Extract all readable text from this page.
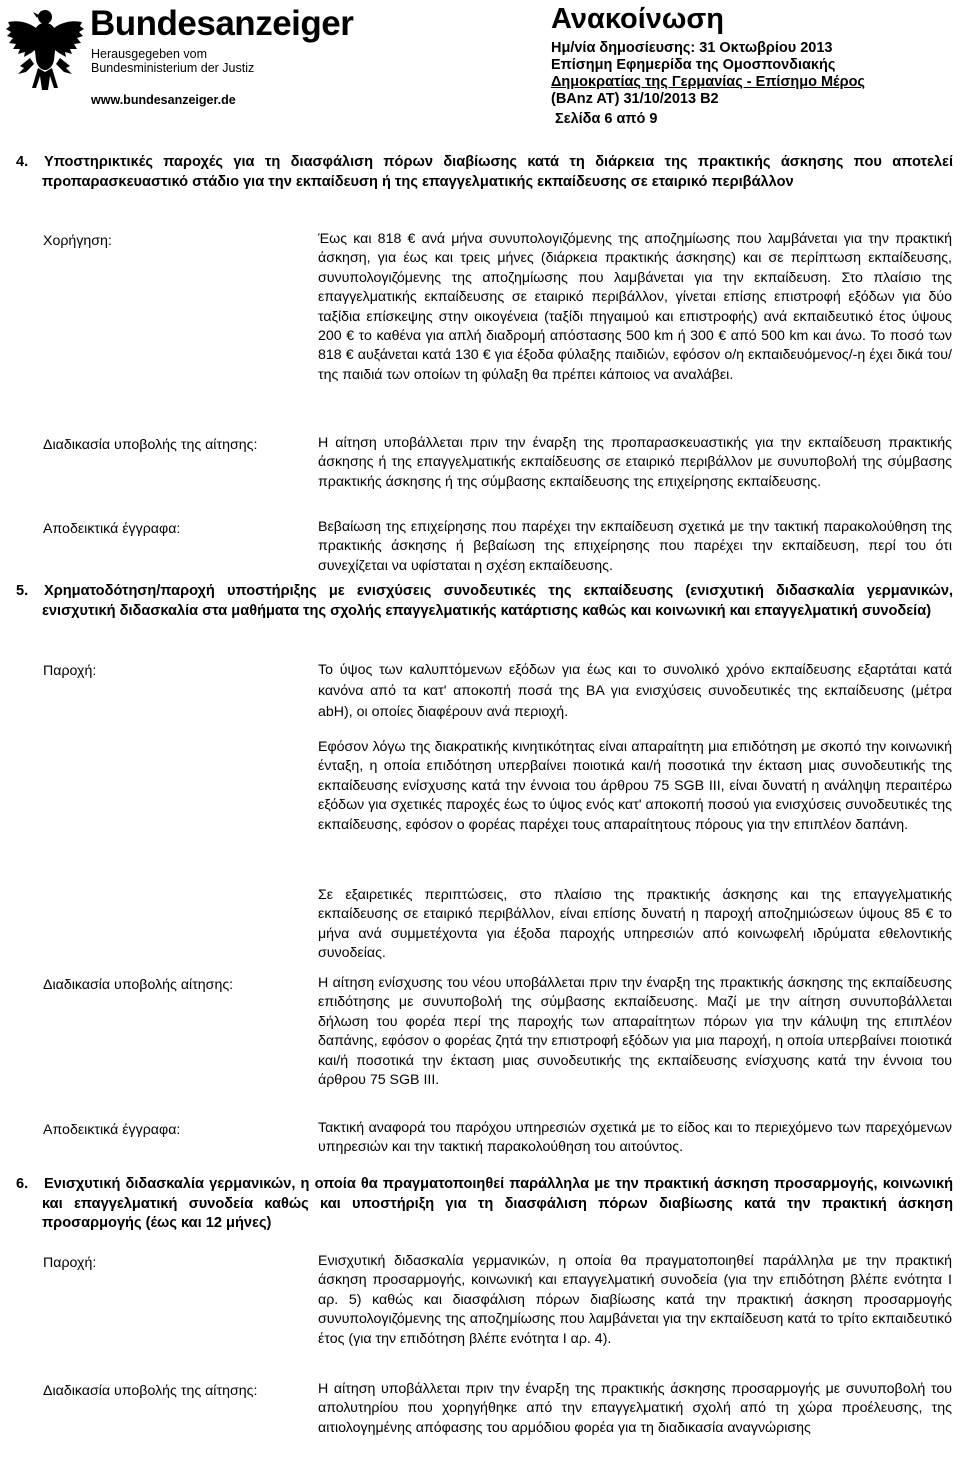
Bundesanzeiger
Herausgegeben vom
Bundesministerium der Justiz
www.bundesanzeiger.de
Ανακοίνωση
Ημ/νία δημοσίευσης: 31 Οκτωβρίου 2013
Επίσημη Εφημερίδα της Ομοσπονδιακής
Δημοκρατίας της Γερμανίας - Επίσημο Μέρος
(BAnz AT) 31/10/2013 B2
Σελίδα 6 από 9
4. Υποστηρικτικές παροχές για τη διασφάλιση πόρων διαβίωσης κατά τη διάρκεια της πρακτικής άσκησης που αποτελεί προπαρασκευαστικό στάδιο για την εκπαίδευση ή της επαγγελματικής εκπαίδευσης σε εταιρικό περιβάλλον
Χορήγηση:	Έως και 818 € ανά μήνα συνυπολογιζόμενης της αποζημίωσης που λαμβάνεται για την πρακτική άσκηση, για έως και τρεις μήνες (διάρκεια πρακτικής άσκησης) και σε περίπτωση εκπαίδευσης, συνυπολογιζόμενης της αποζημίωσης που λαμβάνεται για την εκπαίδευση. Στο πλαίσιο της επαγγελματικής εκπαίδευσης σε εταιρικό περιβάλλον, γίνεται επίσης επιστροφή εξόδων για δύο ταξίδια επίσκεψης στην οικογένεια (ταξίδι πηγαιμού και επιστροφής) ανά εκπαιδευτικό έτος ύψους 200 € το καθένα για απλή διαδρομή απόστασης 500 km ή 300 € από 500 km και άνω. Το ποσό των 818 € αυξάνεται κατά 130 € για έξοδα φύλαξης παιδιών, εφόσον ο/η εκπαιδευόμενος/-η έχει δικά του/της παιδιά των οποίων τη φύλαξη θα πρέπει κάποιος να αναλάβει.
Διαδικασία υποβολής της αίτησης:	Η αίτηση υποβάλλεται πριν την έναρξη της προπαρασκευαστικής για την εκπαίδευση πρακτικής άσκησης ή της επαγγελματικής εκπαίδευσης σε εταιρικό περιβάλλον με συνυποβολή της σύμβασης πρακτικής άσκησης ή της σύμβασης εκπαίδευσης της επιχείρησης εκπαίδευσης.
Αποδεικτικά έγγραφα:	Βεβαίωση της επιχείρησης που παρέχει την εκπαίδευση σχετικά με την τακτική παρακολούθηση της πρακτικής άσκησης ή βεβαίωση της επιχείρησης που παρέχει την εκπαίδευση, περί του ότι συνεχίζεται να υφίσταται η σχέση εκπαίδευσης.
5. Χρηματοδότηση/παροχή υποστήριξης με ενισχύσεις συνοδευτικές της εκπαίδευσης (ενισχυτική διδασκαλία γερμανικών, ενισχυτική διδασκαλία στα μαθήματα της σχολής επαγγελματικής κατάρτισης καθώς και κοινωνική και επαγγελματική συνοδεία)
Παροχή:	Το ύψος των καλυπτόμενων εξόδων για έως και το συνολικό χρόνο εκπαίδευσης εξαρτάται κατά κανόνα από τα κατ' αποκοπή ποσά της ΒΑ για ενισχύσεις συνοδευτικές της εκπαίδευσης (μέτρα abH), οι οποίες διαφέρουν ανά περιοχή.
Εφόσον λόγω της διακρατικής κινητικότητας είναι απαραίτητη μια επιδότηση με σκοπό την κοινωνική ένταξη, η οποία επιδότηση υπερβαίνει ποιοτικά και/ή ποσοτικά την έκταση μιας συνοδευτικής της εκπαίδευσης ενίσχυσης κατά την έννοια του άρθρου 75 SGB III, είναι δυνατή η ανάληψη περαιτέρω εξόδων για σχετικές παροχές έως το ύψος ενός κατ' αποκοπή ποσού για ενισχύσεις συνοδευτικές της εκπαίδευσης, εφόσον ο φορέας παρέχει τους απαραίτητους πόρους για την επιπλέον δαπάνη.
Σε εξαιρετικές περιπτώσεις, στο πλαίσιο της πρακτικής άσκησης και της επαγγελματικής εκπαίδευσης σε εταιρικό περιβάλλον, είναι επίσης δυνατή η παροχή αποζημιώσεων ύψους 85 € το μήνα ανά συμμετέχοντα για έξοδα παροχής υπηρεσιών από κοινωφελή ιδρύματα εθελοντικής συνοδείας.
Διαδικασία υποβολής αίτησης:	Η αίτηση ενίσχυσης του νέου υποβάλλεται πριν την έναρξη της πρακτικής άσκησης της εκπαίδευσης επιδότησης με συνυποβολή της σύμβασης εκπαίδευσης. Μαζί με την αίτηση συνυποβάλλεται δήλωση του φορέα περί της παροχής των απαραίτητων πόρων για την κάλυψη της επιπλέον δαπάνης, εφόσον ο φορέας ζητά την επιστροφή εξόδων για μια παροχή, η οποία υπερβαίνει ποιοτικά και/ή ποσοτικά την έκταση μιας συνοδευτικής της εκπαίδευσης ενίσχυσης κατά την έννοια του άρθρου 75 SGB III.
Αποδεικτικά έγγραφα:	Τακτική αναφορά του παρόχου υπηρεσιών σχετικά με το είδος και το περιεχόμενο των παρεχόμενων υπηρεσιών και την τακτική παρακολούθηση του αιτούντος.
6. Ενισχυτική διδασκαλία γερμανικών, η οποία θα πραγματοποιηθεί παράλληλα με την πρακτική άσκηση προσαρμογής, κοινωνική και επαγγελματική συνοδεία καθώς και υποστήριξη για τη διασφάλιση πόρων διαβίωσης κατά την πρακτική άσκηση προσαρμογής (έως και 12 μήνες)
Παροχή:	Ενισχυτική διδασκαλία γερμανικών, η οποία θα πραγματοποιηθεί παράλληλα με την πρακτική άσκηση προσαρμογής, κοινωνική και επαγγελματική συνοδεία (για την επιδότηση βλέπε ενότητα Ι αρ. 5) καθώς και διασφάλιση πόρων διαβίωσης κατά την πρακτική άσκηση προσαρμογής συνυπολογιζόμενης της αποζημίωσης που λαμβάνεται για την εκπαίδευση κατά το τρίτο εκπαιδευτικό έτος (για την επιδότηση βλέπε ενότητα Ι αρ. 4).
Διαδικασία υποβολής της αίτησης:	Η αίτηση υποβάλλεται πριν την έναρξη της πρακτικής άσκησης προσαρμογής με συνυποβολή του απολυτηρίου που χορηγήθηκε από την επαγγελματική σχολή από τη χώρα προέλευσης, της αιτιολογημένης απόφασης του αρμόδιου φορέα για τη διαδικασία αναγνώρισης
